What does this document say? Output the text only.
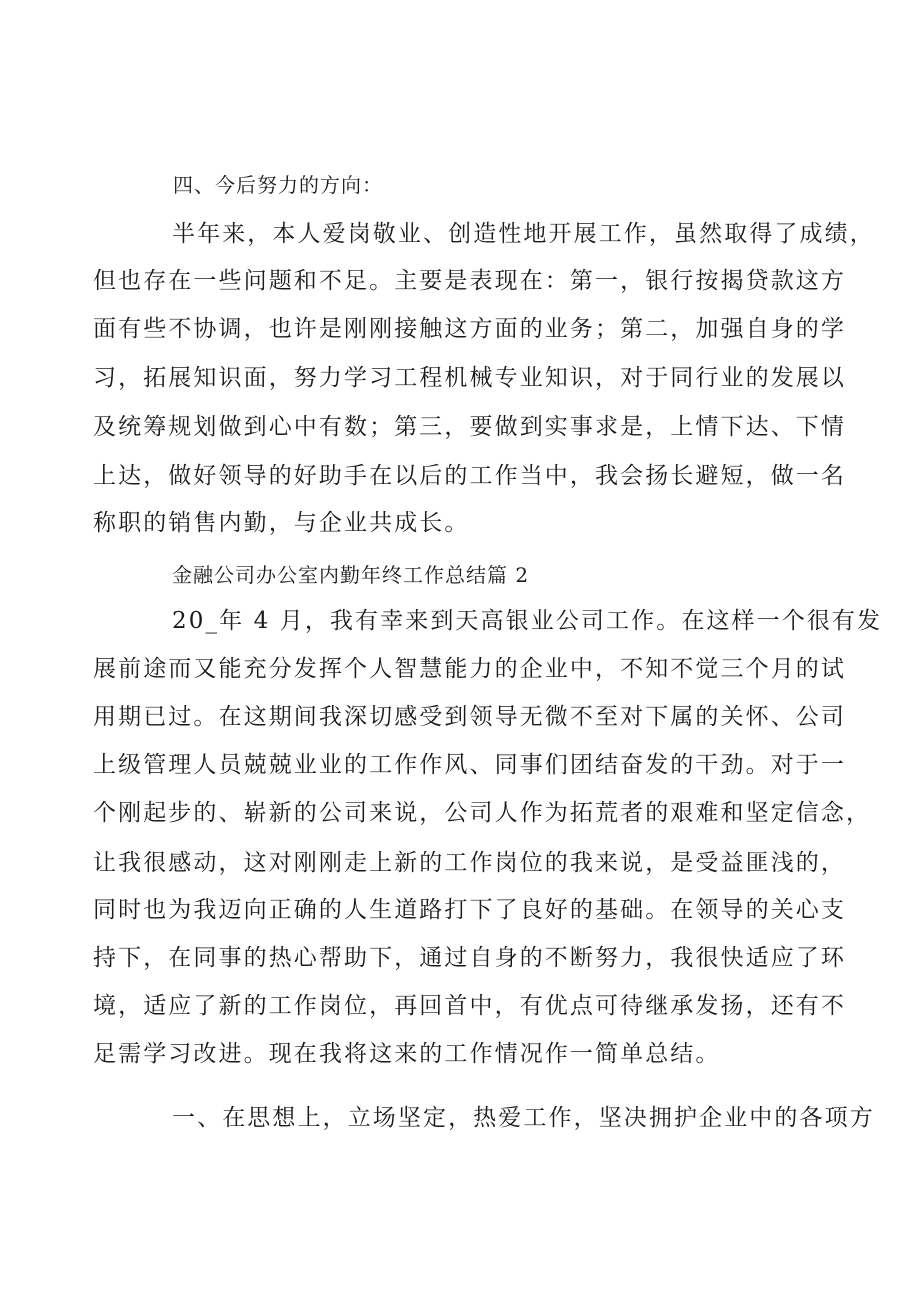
四、今后努力的方向：
半年来，本人爱岗敬业、创造性地开展工作，虽然取得了成绩，
但也存在一些问题和不足。主要是表现在：第一，银行按揭贷款这方
面有些不协调，也许是刚刚接触这方面的业务；第二，加强自身的学
习，拓展知识面，努力学习工程机械专业知识，对于同行业的发展以
及统筹规划做到心中有数；第三，要做到实事求是，上情下达、下情
上达，做好领导的好助手在以后的工作当中，我会扬长避短，做一名
称职的销售内勤，与企业共成长。
金融公司办公室内勤年终工作总结篇 2
20_年 4 月，我有幸来到天高银业公司工作。在这样一个很有发
展前途而又能充分发挥个人智慧能力的企业中，不知不觉三个月的试
用期已过。在这期间我深切感受到领导无微不至对下属的关怀、公司
上级管理人员兢兢业业的工作作风、同事们团结奋发的干劲。对于一
个刚起步的、崭新的公司来说，公司人作为拓荒者的艰难和坚定信念，
让我很感动，这对刚刚走上新的工作岗位的我来说，是受益匪浅的，
同时也为我迈向正确的人生道路打下了良好的基础。在领导的关心支
持下，在同事的热心帮助下，通过自身的不断努力，我很快适应了环
境，适应了新的工作岗位，再回首中，有优点可待继承发扬，还有不
足需学习改进。现在我将这来的工作情况作一简单总结。
一、在思想上，立场坚定，热爱工作，坚决拥护企业中的各项方
